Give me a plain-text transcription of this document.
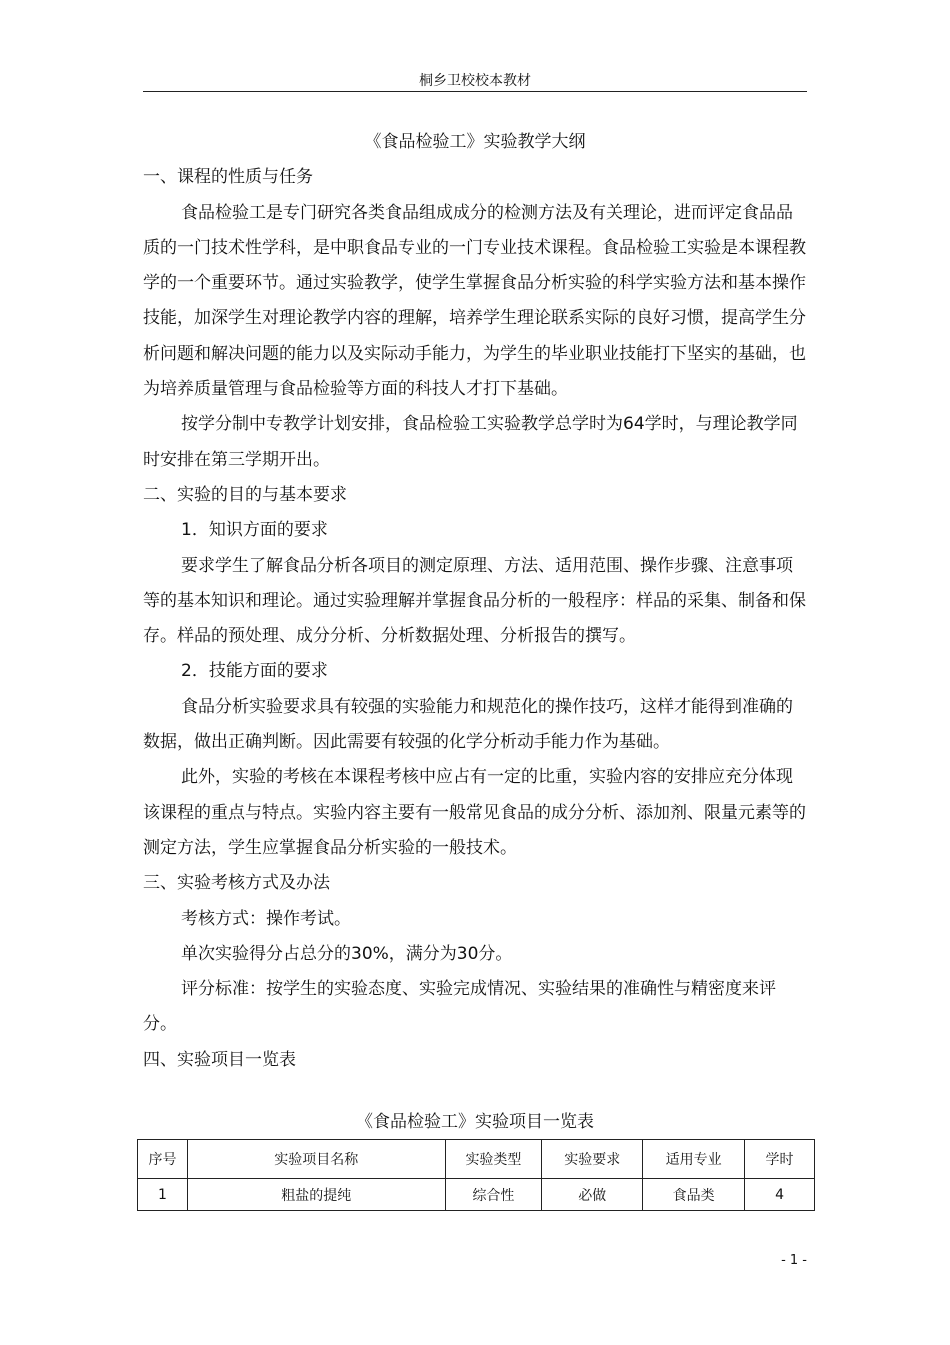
桐乡卫校校本教材
《食品检验工》实验教学大纲
一、课程的性质与任务
食品检验工是专门研究各类食品组成成分的检测方法及有关理论，进而评定食品品质的一门技术性学科，是中职食品专业的一门专业技术课程。食品检验工实验是本课程教学的一个重要环节。通过实验教学，使学生掌握食品分析实验的科学实验方法和基本操作技能，加深学生对理论教学内容的理解，培养学生理论联系实际的良好习惯，提高学生分析问题和解决问题的能力以及实际动手能力，为学生的毕业职业技能打下坚实的基础，也为培养质量管理与食品检验等方面的科技人才打下基础。
按学分制中专教学计划安排，食品检验工实验教学总学时为64学时，与理论教学同时安排在第三学期开出。
二、实验的目的与基本要求
1．知识方面的要求
要求学生了解食品分析各项目的测定原理、方法、适用范围、操作步骤、注意事项等的基本知识和理论。通过实验理解并掌握食品分析的一般程序：样品的采集、制备和保存。样品的预处理、成分分析、分析数据处理、分析报告的撰写。
2．技能方面的要求
食品分析实验要求具有较强的实验能力和规范化的操作技巧，这样才能得到准确的数据，做出正确判断。因此需要有较强的化学分析动手能力作为基础。
此外，实验的考核在本课程考核中应占有一定的比重，实验内容的安排应充分体现该课程的重点与特点。实验内容主要有一般常见食品的成分分析、添加剂、限量元素等的测定方法，学生应掌握食品分析实验的一般技术。
三、实验考核方式及办法
考核方式：操作考试。
单次实验得分占总分的30%，满分为30分。
评分标准：按学生的实验态度、实验完成情况、实验结果的准确性与精密度来评分。
四、实验项目一览表
《食品检验工》实验项目一览表
序号	实验项目名称	实验类型	实验要求	适用专业	学时
1	粗盐的提纯	综合性	必做	食品类	4
- 1 -
